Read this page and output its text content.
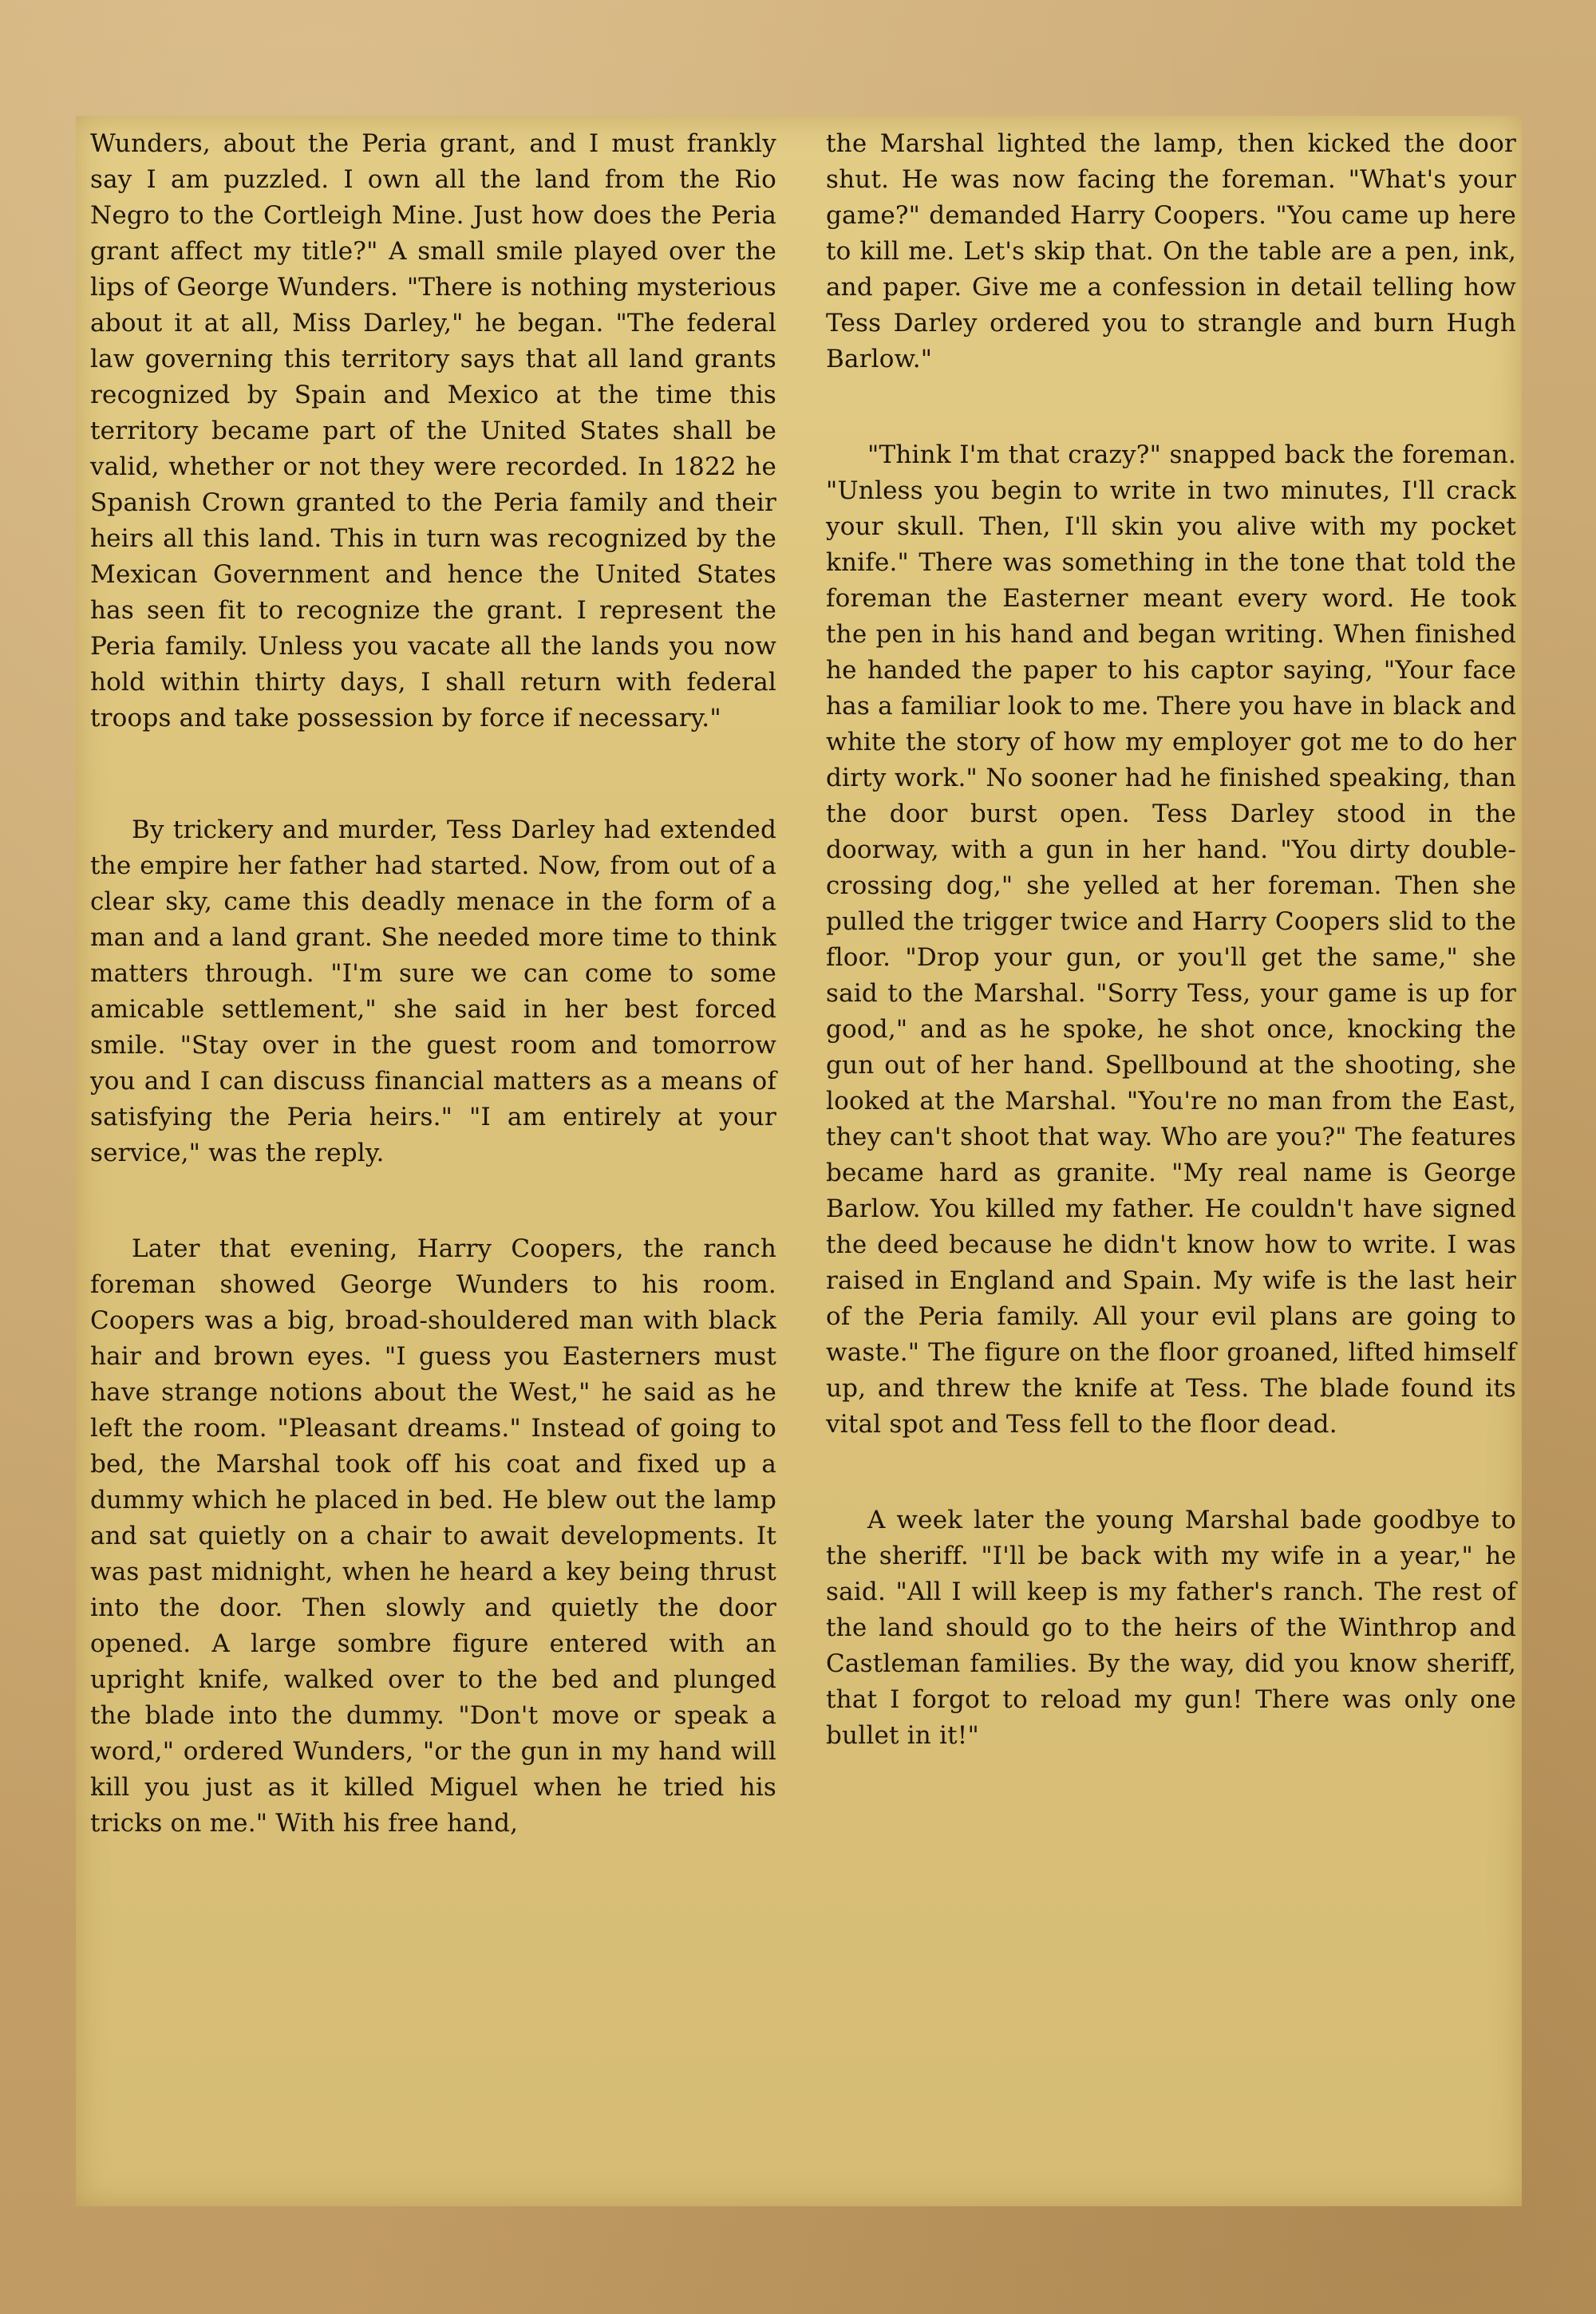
Wunders, about the Peria grant, and I must frankly say I am puzzled. I own all the land from the Rio Negro to the Cortleigh Mine. Just how does the Peria grant affect my title?" A small smile played over the lips of George Wunders. "There is nothing mysterious about it at all, Miss Darley," he began. "The federal law governing this territory says that all land grants recognized by Spain and Mexico at the time this territory became part of the United States shall be valid, whether or not they were recorded. In 1822 he Spanish Crown granted to the Peria family and their heirs all this land. This in turn was recognized by the Mexican Government and hence the United States has seen fit to recognize the grant. I represent the Peria family. Unless you vacate all the lands you now hold within thirty days, I shall return with federal troops and take possession by force if necessary."

By trickery and murder, Tess Darley had extended the empire her father had started. Now, from out of a clear sky, came this deadly menace in the form of a man and a land grant. She needed more time to think matters through. "I'm sure we can come to some amicable settlement," she said in her best forced smile. "Stay over in the guest room and tomorrow you and I can discuss financial matters as a means of satisfying the Peria heirs." "I am entirely at your service," was the reply.

Later that evening, Harry Coopers, the ranch foreman showed George Wunders to his room. Coopers was a big, broad-shouldered man with black hair and brown eyes. "I guess you Easterners must have strange notions about the West," he said as he left the room. "Pleasant dreams." Instead of going to bed, the Marshal took off his coat and fixed up a dummy which he placed in bed. He blew out the lamp and sat quietly on a chair to await developments. It was past midnight, when he heard a key being thrust into the door. Then slowly and quietly the door opened. A large sombre figure entered with an upright knife, walked over to the bed and plunged the blade into the dummy. "Don't move or speak a word," ordered Wunders, "or the gun in my hand will kill you just as it killed Miguel when he tried his tricks on me." With his free hand,

the Marshal lighted the lamp, then kicked the door shut. He was now facing the foreman. "What's your game?" demanded Harry Coopers. "You came up here to kill me. Let's skip that. On the table are a pen, ink, and paper. Give me a confession in detail telling how Tess Darley ordered you to strangle and burn Hugh Barlow."

"Think I'm that crazy?" snapped back the foreman. "Unless you begin to write in two minutes, I'll crack your skull. Then, I'll skin you alive with my pocket knife." There was something in the tone that told the foreman the Easterner meant every word. He took the pen in his hand and began writing. When finished he handed the paper to his captor saying, "Your face has a familiar look to me. There you have in black and white the story of how my employer got me to do her dirty work." No sooner had he finished speaking, than the door burst open. Tess Darley stood in the doorway, with a gun in her hand. "You dirty double-crossing dog," she yelled at her foreman. Then she pulled the trigger twice and Harry Coopers slid to the floor. "Drop your gun, or you'll get the same," she said to the Marshal. "Sorry Tess, your game is up for good," and as he spoke, he shot once, knocking the gun out of her hand. Spellbound at the shooting, she looked at the Marshal. "You're no man from the East, they can't shoot that way. Who are you?" The features became hard as granite. "My real name is George Barlow. You killed my father. He couldn't have signed the deed because he didn't know how to write. I was raised in England and Spain. My wife is the last heir of the Peria family. All your evil plans are going to waste." The figure on the floor groaned, lifted himself up, and threw the knife at Tess. The blade found its vital spot and Tess fell to the floor dead.

A week later the young Marshal bade goodbye to the sheriff. "I'll be back with my wife in a year," he said. "All I will keep is my father's ranch. The rest of the land should go to the heirs of the Winthrop and Castleman families. By the way, did you know sheriff, that I forgot to reload my gun! There was only one bullet in it!"
